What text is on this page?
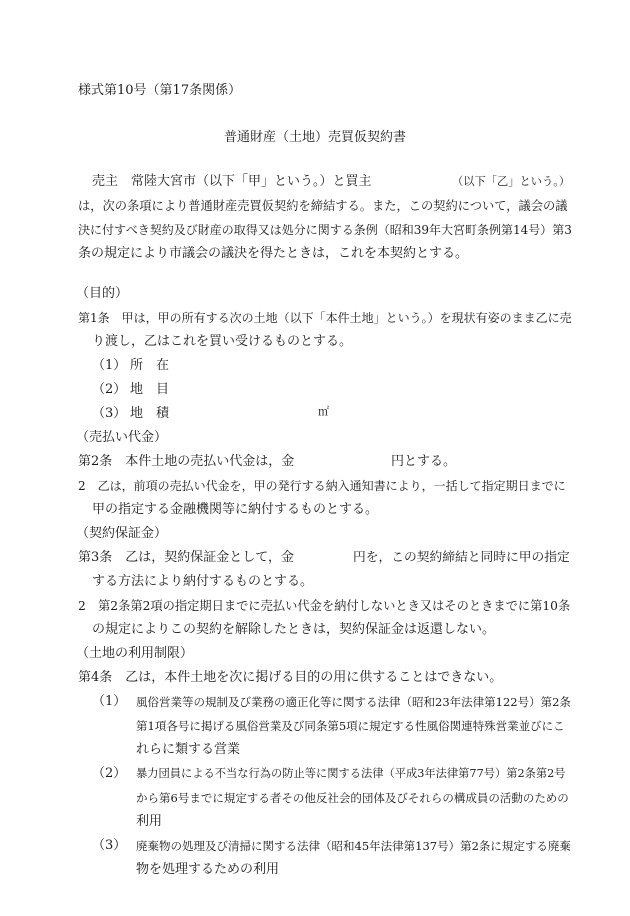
様式第10号（第17条関係）
普通財産（土地）売買仮契約書
売主　常陸大宮市（以下「甲」という。）と買主	（以下「乙」という。）
は，次の条項により普通財産売買仮契約を締結する。また，この契約について，議会の議
決に付すべき契約及び財産の取得又は処分に関する条例（昭和39年大宮町条例第14号）第3
条の規定により市議会の議決を得たときは，これを本契約とする。
（目的）
第1条　甲は，甲の所有する次の土地（以下「本件土地」という。）を現状有姿のまま乙に売
り渡し，乙はこれを買い受けるものとする。
（1） 所　在
（2） 地　目
（3） 地　積	㎡
（売払い代金）
第2条　本件土地の売払い代金は，金	円とする。
2　乙は，前項の売払い代金を，甲の発行する納入通知書により，一括して指定期日までに
甲の指定する金融機関等に納付するものとする。
（契約保証金）
第3条　乙は，契約保証金として，金	円を，この契約締結と同時に甲の指定
する方法により納付するものとする。
2　第2条第2項の指定期日までに売払い代金を納付しないとき又はそのときまでに第10条
の規定によりこの契約を解除したときは，契約保証金は返還しない。
（土地の利用制限）
第4条　乙は，本件土地を次に掲げる目的の用に供することはできない。
（1） 風俗営業等の規制及び業務の適正化等に関する法律（昭和23年法律第122号）第2条
第1項各号に掲げる風俗営業及び同条第5項に規定する性風俗関連特殊営業並びにこ
れらに類する営業
（2） 暴力団員による不当な行為の防止等に関する法律（平成3年法律第77号）第2条第2号
から第6号までに規定する者その他反社会的団体及びそれらの構成員の活動のための
利用
（3） 廃棄物の処理及び清掃に関する法律（昭和45年法律第137号）第2条に規定する廃棄
物を処理するための利用
